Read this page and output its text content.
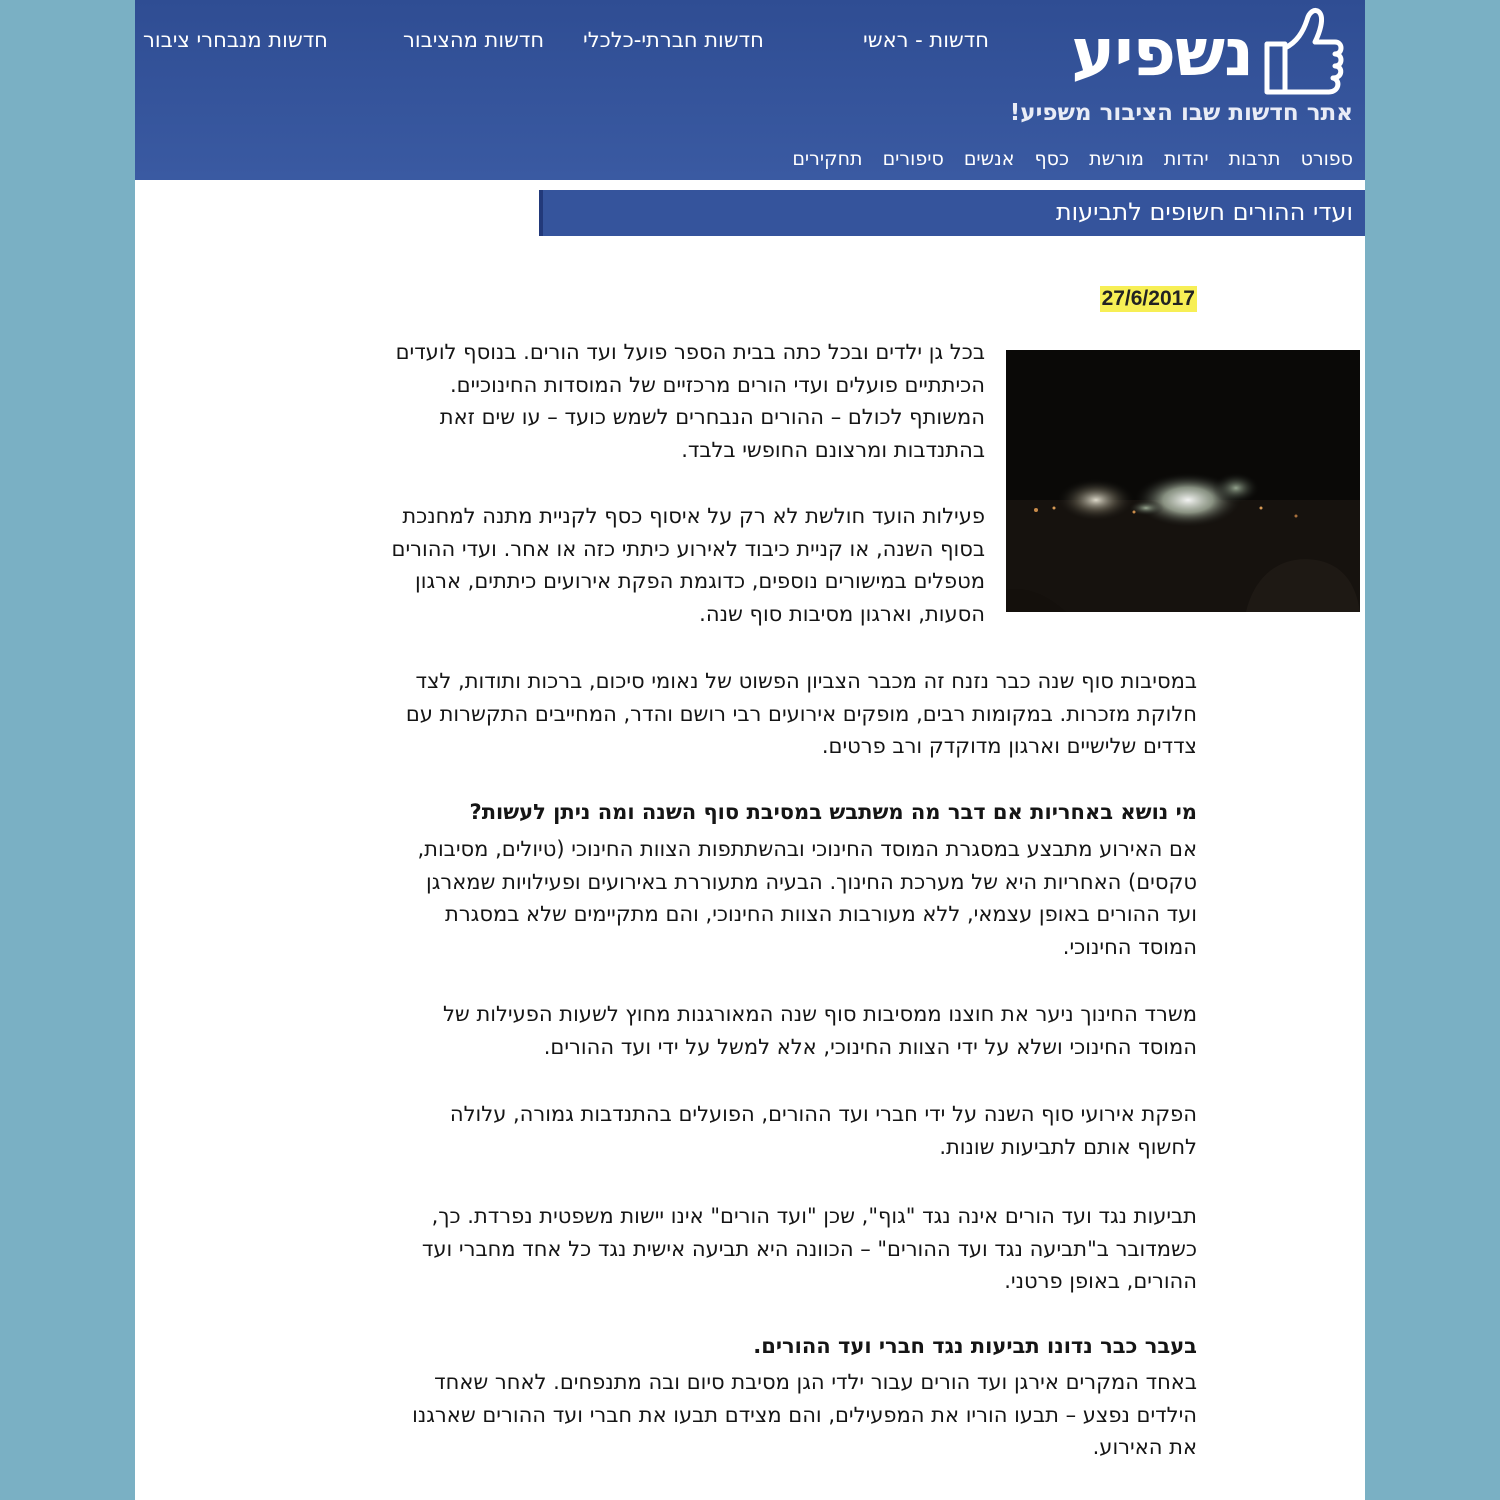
חדשות מנבחרי ציבור	חדשות מהציבור חדשות חברתי-כלכלי	חדשות - ראשי נשפיע
אתר חדשות שבו הציבור משפיע!
ספורט תרבות יהדות מורשת כסף אנשים סיפורים תחקירים
ועדי ההורים חשופים לתביעות
27/6/2017
בכל גן ילדים ובכל כתה בבית הספר פועל ועד הורים. בנוסף לועדים
הכיתתיים פועלים ועדי הורים מרכזיים של המוסדות החינוכיים.
המשותף לכולם – ההורים הנבחרים לשמש כועד – עו שים זאת
בהתנדבות ומרצונם החופשי בלבד.
פעילות הועד חולשת לא רק על איסוף כסף לקניית מתנה למחנכת
בסוף השנה, או קניית כיבוד לאירוע כיתתי כזה או אחר. ועדי ההורים
מטפלים במישורים נוספים, כדוגמת הפקת אירועים כיתתים, ארגון
הסעות, וארגון מסיבות סוף שנה.
במסיבות סוף שנה כבר נזנח זה מכבר הצביון הפשוט של נאומי סיכום, ברכות ותודות, לצד
חלוקת מזכרות. במקומות רבים, מופקים אירועים רבי רושם והדר, המחייבים התקשרות עם
צדדים שלישיים וארגון מדוקדק ורב פרטים.
מי נושא באחריות אם דבר מה משתבש במסיבת סוף השנה ומה ניתן לעשות?
אם האירוע מתבצע במסגרת המוסד החינוכי ובהשתתפות הצוות החינוכי (טיולים, מסיבות,
טקסים) האחריות היא של מערכת החינוך. הבעיה מתעוררת באירועים ופעילויות שמארגן
ועד ההורים באופן עצמאי, ללא מעורבות הצוות החינוכי, והם מתקיימים שלא במסגרת
המוסד החינוכי.
משרד החינוך ניער את חוצנו ממסיבות סוף שנה המאורגנות מחוץ לשעות הפעילות של
המוסד החינוכי ושלא על ידי הצוות החינוכי, אלא למשל על ידי ועד ההורים.
הפקת אירועי סוף השנה על ידי חברי ועד ההורים, הפועלים בהתנדבות גמורה, עלולה
לחשוף אותם לתביעות שונות.
תביעות נגד ועד הורים אינה נגד "גוף", שכן "ועד הורים" אינו יישות משפטית נפרדת. כך,
כשמדובר ב"תביעה נגד ועד ההורים" – הכוונה היא תביעה אישית נגד כל אחד מחברי ועד
ההורים, באופן פרטני.
בעבר כבר נדונו תביעות נגד חברי ועד ההורים.
באחד המקרים אירגן ועד הורים עבור ילדי הגן מסיבת סיום ובה מתנפחים. לאחר שאחד
הילדים נפצע – תבעו הוריו את המפעילים, והם מצידם תבעו את חברי ועד ההורים שארגנו
את האירוע.
